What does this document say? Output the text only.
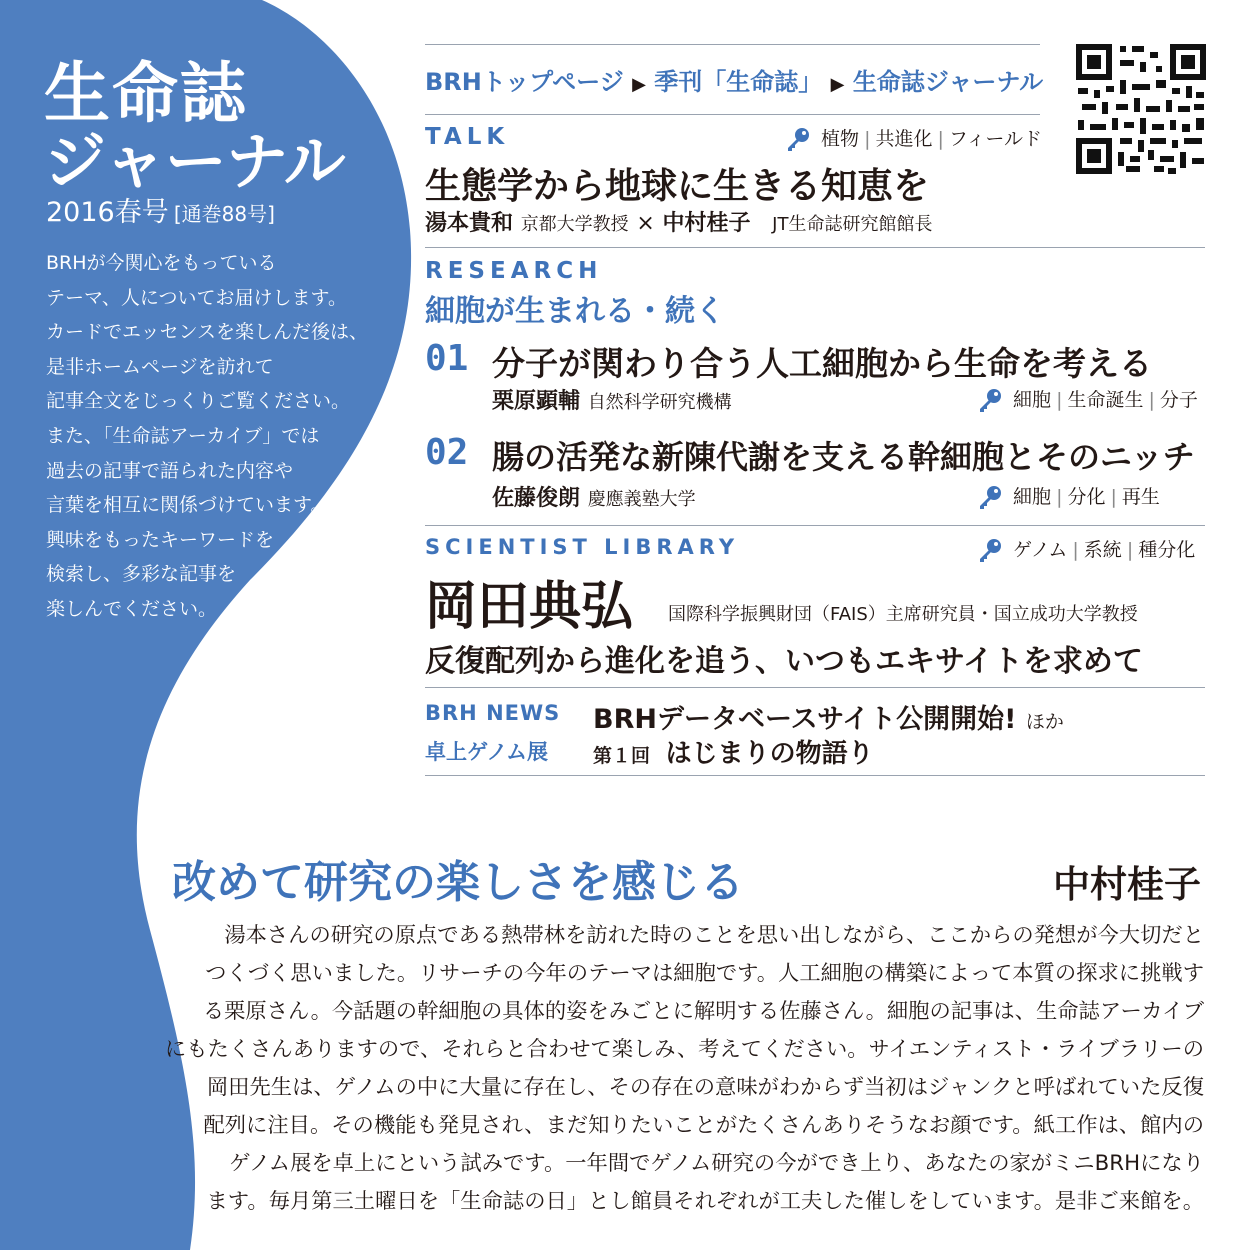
生命誌
ジャーナル
2016春号 [通巻88号]
BRHが今関心をもっている
テーマ、人についてお届けします。
カードでエッセンスを楽しんだ後は、
是非ホームページを訪れて
記事全文をじっくりご覧ください。
また、「生命誌アーカイブ」では
過去の記事で語られた内容や
言葉を相互に関係づけています。
興味をもったキーワードを
検索し、多彩な記事を
楽しんでください。
BRHトップページ ▶ 季刊「生命誌」 ▶ 生命誌ジャーナル
TALK	植物 | 共進化 | フィールド
生態学から地球に生きる知恵を
湯本貴和 京都大学教授 × 中村桂子 JT生命誌研究館館長
RESEARCH
細胞が生まれる・続く
01 分子が関わり合う人工細胞から生命を考える
栗原顕輔 自然科学研究機構	細胞 | 生命誕生 | 分子
02 腸の活発な新陳代謝を支える幹細胞とそのニッチ
佐藤俊朗 慶應義塾大学	細胞 | 分化 | 再生
SCIENTIST LIBRARY	ゲノム | 系統 | 種分化
岡田典弘 国際科学振興財団（FAIS）主席研究員・国立成功大学教授
反復配列から進化を追う、いつもエキサイトを求めて
BRH NEWS BRHデータベースサイト公開開始! ほか
卓上ゲノム展 第１回 はじまりの物語り
改めて研究の楽しさを感じる	中村桂子
湯本さんの研究の原点である熱帯林を訪れた時のことを思い出しながら、ここからの発想が今大切だと
つくづく思いました。リサーチの今年のテーマは細胞です。人工細胞の構築によって本質の探求に挑戦す
る栗原さん。今話題の幹細胞の具体的姿をみごとに解明する佐藤さん。細胞の記事は、生命誌アーカイブ
にもたくさんありますので、それらと合わせて楽しみ、考えてください。サイエンティスト・ライブラリーの
岡田先生は、ゲノムの中に大量に存在し、その存在の意味がわからず当初はジャンクと呼ばれていた反復
配列に注目。その機能も発見され、まだ知りたいことがたくさんありそうなお顔です。紙工作は、館内の
ゲノム展を卓上にという試みです。一年間でゲノム研究の今ができ上り、あなたの家がミニBRHになり
ます。毎月第三土曜日を「生命誌の日」とし館員それぞれが工夫した催しをしています。是非ご来館を。
